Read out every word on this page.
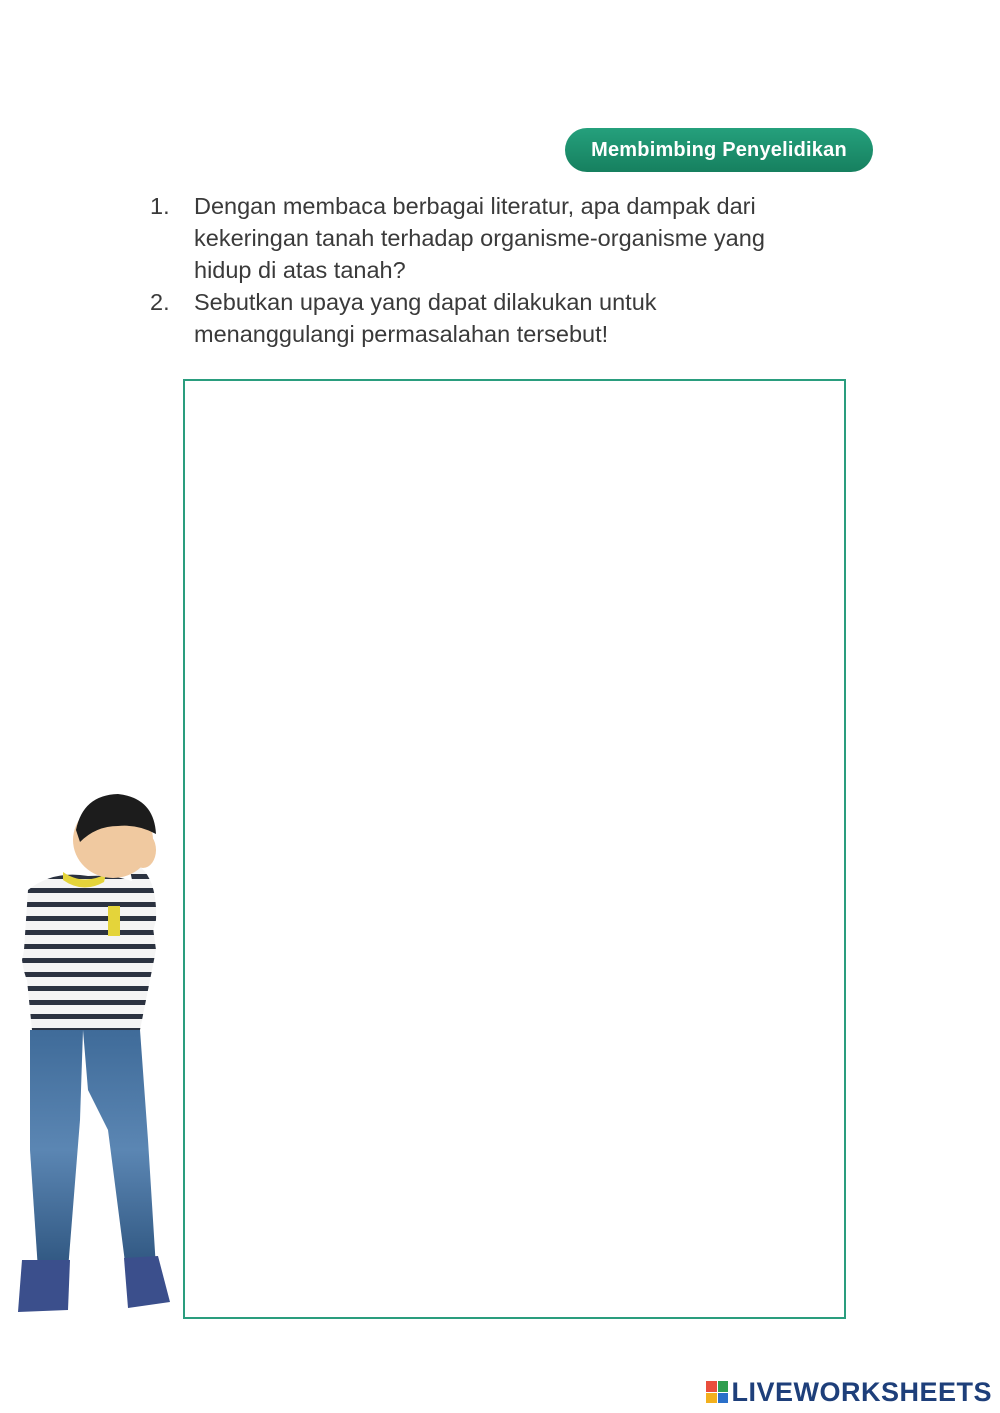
Membimbing Penyelidikan
1.	Dengan membaca berbagai literatur, apa dampak dari kekeringan tanah terhadap organisme-organisme yang hidup di atas tanah?
2.	Sebutkan upaya yang dapat dilakukan untuk menanggulangi permasalahan tersebut!
LIVEWORKSHEETS
